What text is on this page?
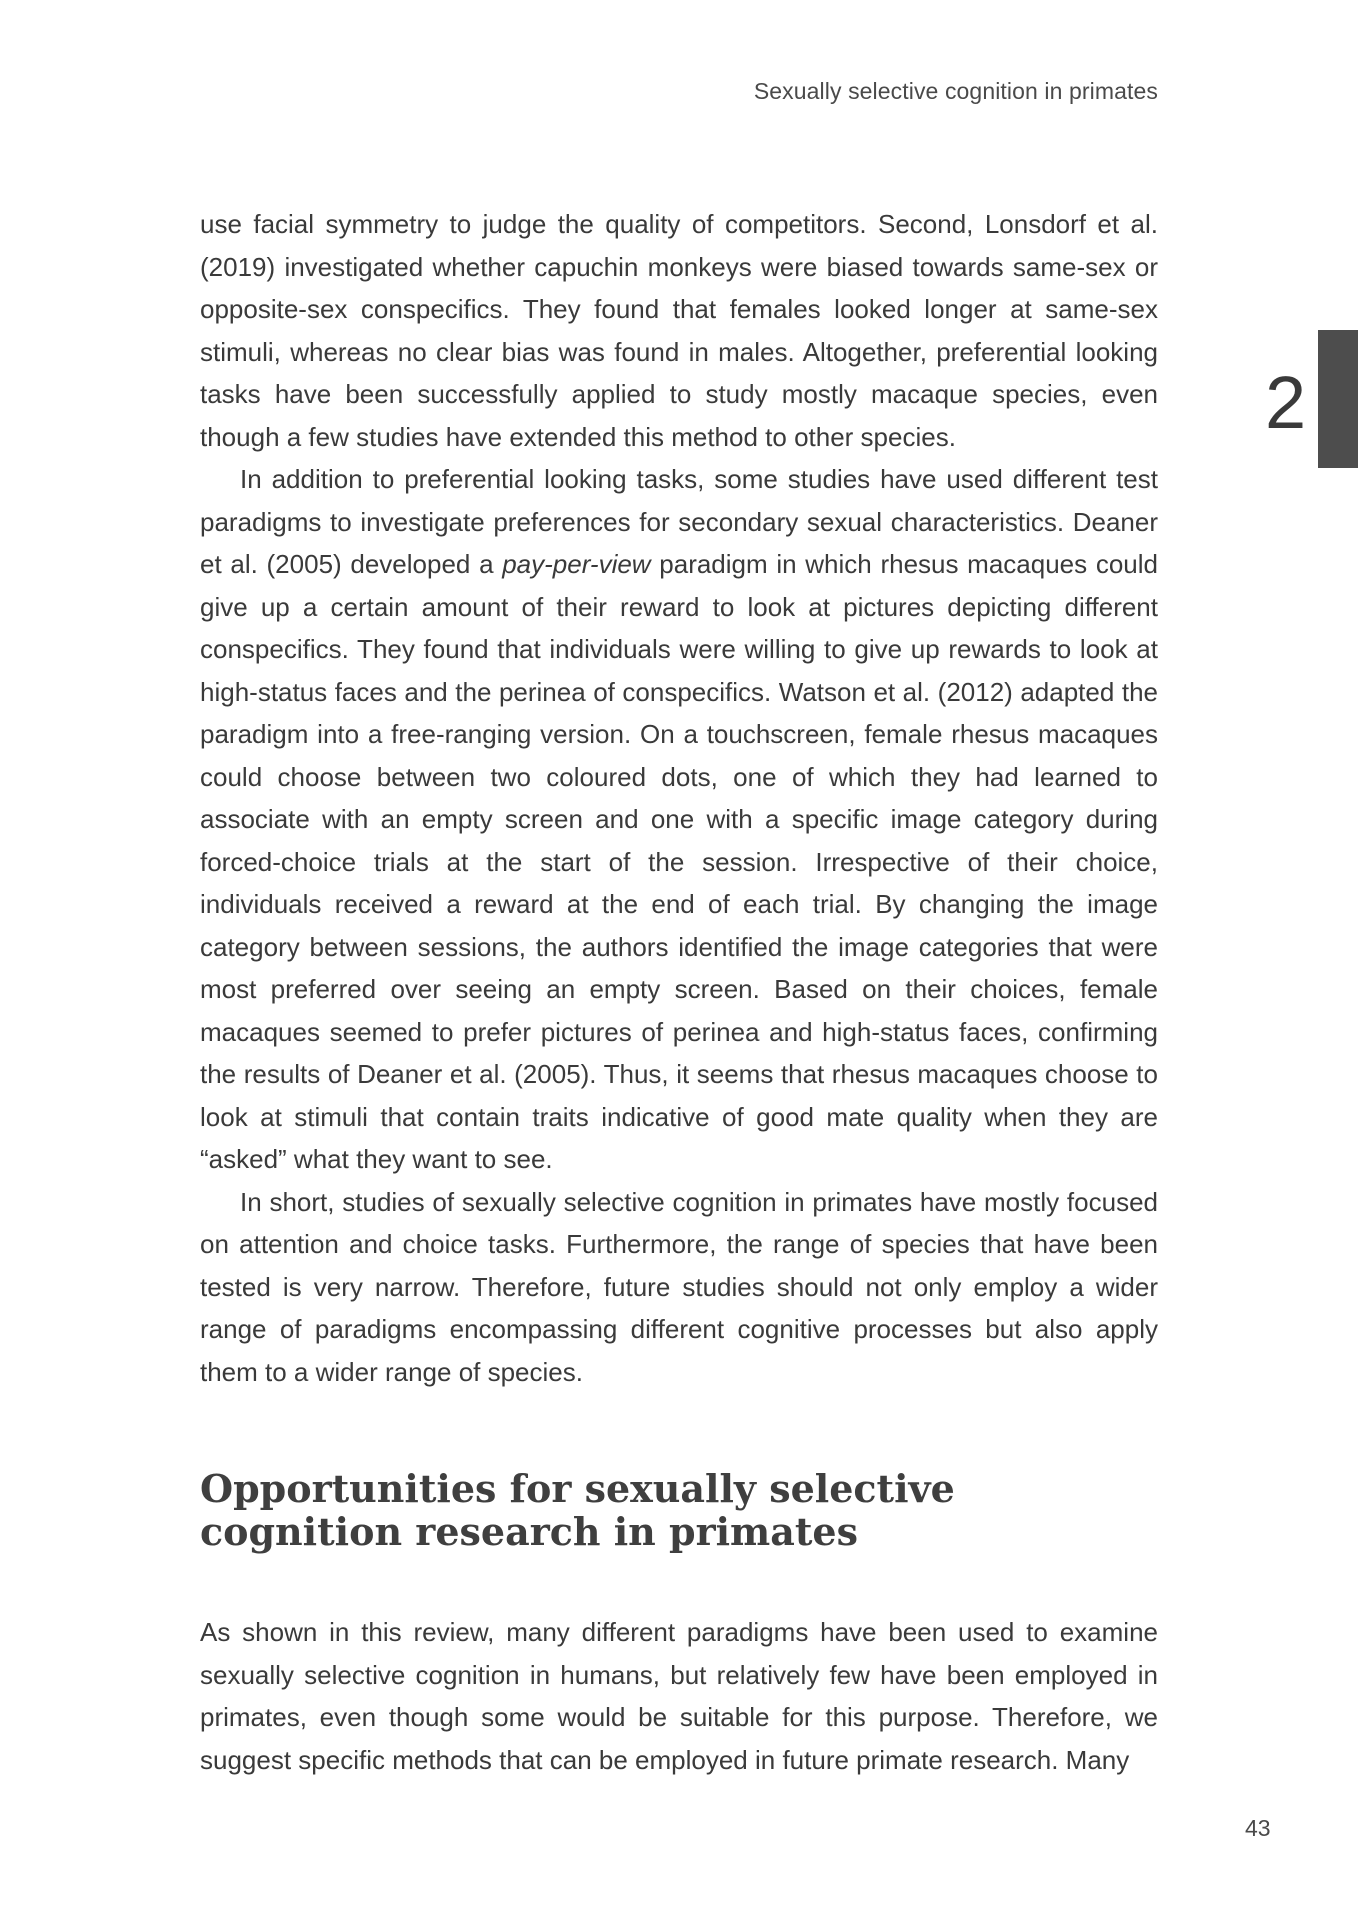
Sexually selective cognition in primates
2

use facial symmetry to judge the quality of competitors. Second, Lonsdorf et al. (2019) investigated whether capuchin monkeys were biased towards same-sex or opposite-sex conspecifics. They found that females looked longer at same-sex stimuli, whereas no clear bias was found in males. Altogether, preferential looking tasks have been successfully applied to study mostly macaque species, even though a few studies have extended this method to other species.

In addition to preferential looking tasks, some studies have used different test paradigms to investigate preferences for secondary sexual characteristics. Deaner et al. (2005) developed a pay-per-view paradigm in which rhesus macaques could give up a certain amount of their reward to look at pictures depicting different conspecifics. They found that individuals were willing to give up rewards to look at high-status faces and the perinea of conspecifics. Watson et al. (2012) adapted the paradigm into a free-ranging version. On a touchscreen, female rhesus macaques could choose between two coloured dots, one of which they had learned to associate with an empty screen and one with a specific image category during forced-choice trials at the start of the session. Irrespective of their choice, individuals received a reward at the end of each trial. By changing the image category between sessions, the authors identified the image categories that were most preferred over seeing an empty screen. Based on their choices, female macaques seemed to prefer pictures of perinea and high-status faces, confirming the results of Deaner et al. (2005). Thus, it seems that rhesus macaques choose to look at stimuli that contain traits indicative of good mate quality when they are “asked” what they want to see.

In short, studies of sexually selective cognition in primates have mostly focused on attention and choice tasks. Furthermore, the range of species that have been tested is very narrow. Therefore, future studies should not only employ a wider range of paradigms encompassing different cognitive processes but also apply them to a wider range of species.

Opportunities for sexually selective cognition research in primates

As shown in this review, many different paradigms have been used to examine sexually selective cognition in humans, but relatively few have been employed in primates, even though some would be suitable for this purpose. Therefore, we suggest specific methods that can be employed in future primate research. Many

43
